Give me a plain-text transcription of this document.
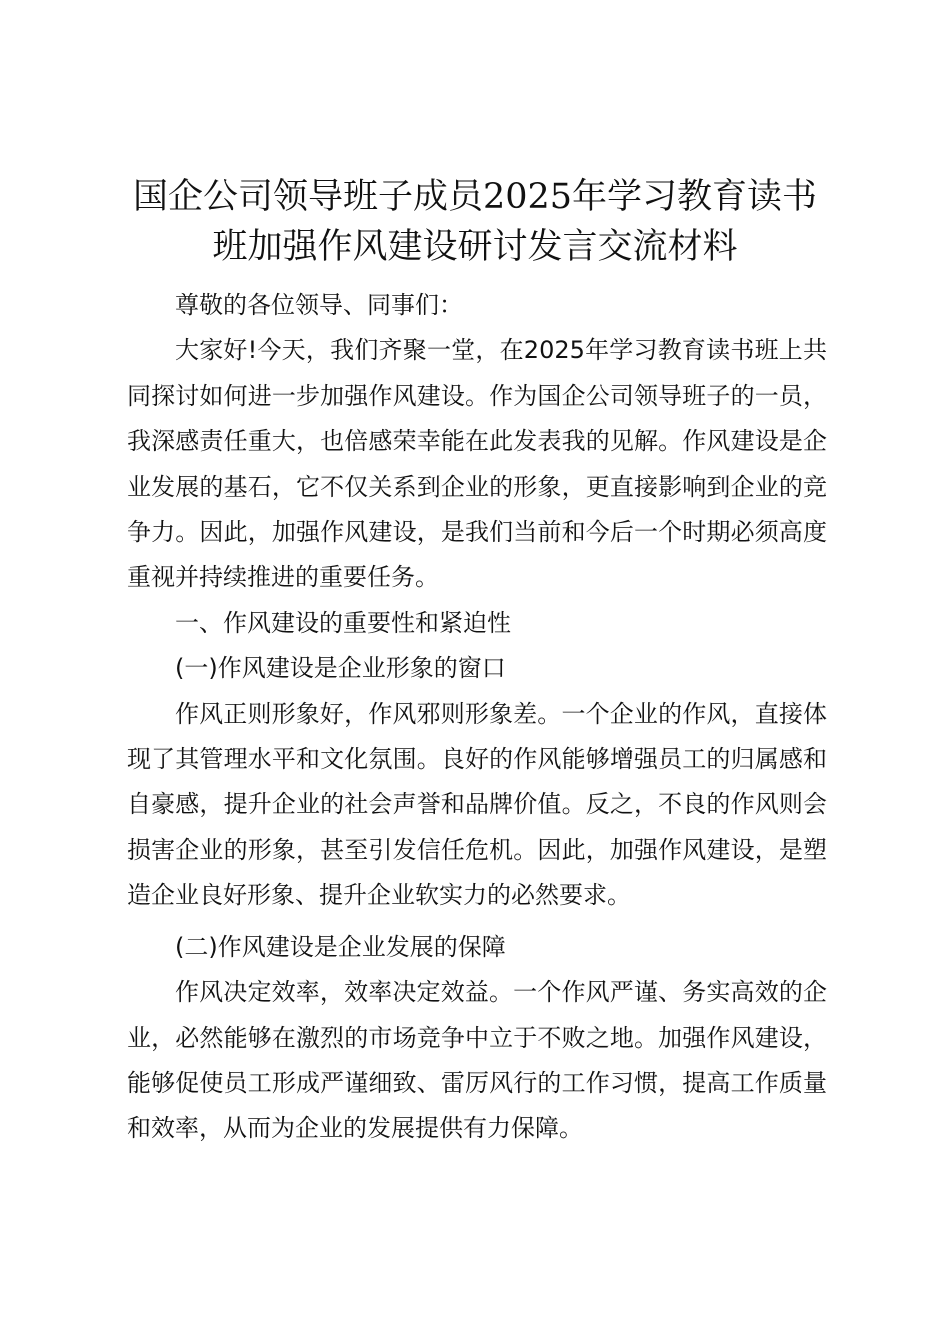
国企公司领导班子成员2025年学习教育读书
班加强作风建设研讨发言交流材料

尊敬的各位领导、同事们：

大家好!今天，我们齐聚一堂，在2025年学习教育读书班上共同探讨如何进一步加强作风建设。作为国企公司领导班子的一员，我深感责任重大，也倍感荣幸能在此发表我的见解。作风建设是企业发展的基石，它不仅关系到企业的形象，更直接影响到企业的竞争力。因此，加强作风建设，是我们当前和今后一个时期必须高度重视并持续推进的重要任务。

一、作风建设的重要性和紧迫性

(一)作风建设是企业形象的窗口

作风正则形象好，作风邪则形象差。一个企业的作风，直接体现了其管理水平和文化氛围。良好的作风能够增强员工的归属感和自豪感，提升企业的社会声誉和品牌价值。反之，不良的作风则会损害企业的形象，甚至引发信任危机。因此，加强作风建设，是塑造企业良好形象、提升企业软实力的必然要求。

(二)作风建设是企业发展的保障

作风决定效率，效率决定效益。一个作风严谨、务实高效的企业，必然能够在激烈的市场竞争中立于不败之地。加强作风建设，能够促使员工形成严谨细致、雷厉风行的工作习惯，提高工作质量和效率，从而为企业的发展提供有力保障。
